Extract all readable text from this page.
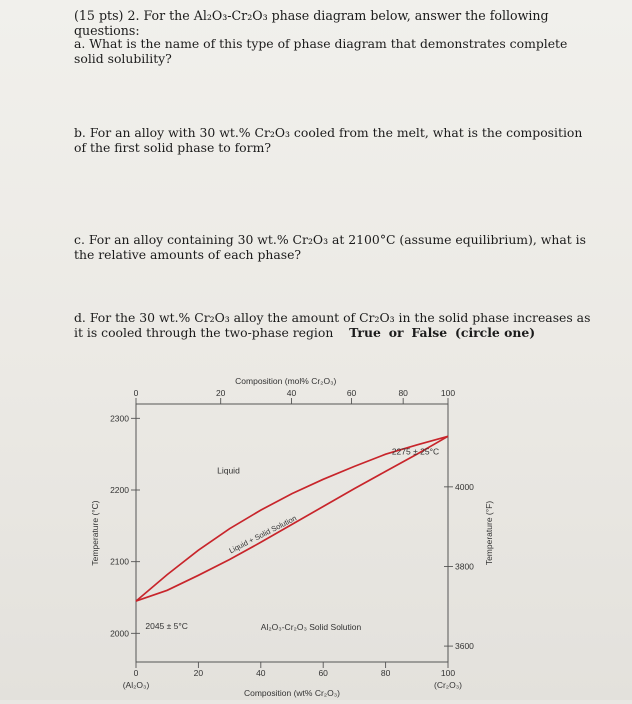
(15 pts) 2. For the Al₂O₃-Cr₂O₃ phase diagram below, answer the following questions:
a. What is the name of this type of phase diagram that demonstrates complete solid solubility?
b. For an alloy with 30 wt.% Cr₂O₃ cooled from the melt, what is the composition of the first solid phase to form?
c. For an alloy containing 30 wt.% Cr₂O₃ at 2100°C (assume equilibrium), what is the relative amounts of each phase?
d. For the 30 wt.% Cr₂O₃ alloy the amount of Cr₂O₃ in the solid phase increases as it is cooled through the two-phase region True or False (circle one)
2000
2100
2200
2300
3600
3800
4000
0	20	40	60	80	100
0	20	40	60	80	100
(Al₂O₃)	(Cr₂O₃)
Composition (mol% Cr₂O₃)
Composition (wt% Cr₂O₃)
Temperature (°C)	Temperature (°F)
2045 ± 5°C
2275 ± 25°C
Liquid
Liquid + Solid Solution
Al₂O₃-Cr₂O₃ Solid Solution
